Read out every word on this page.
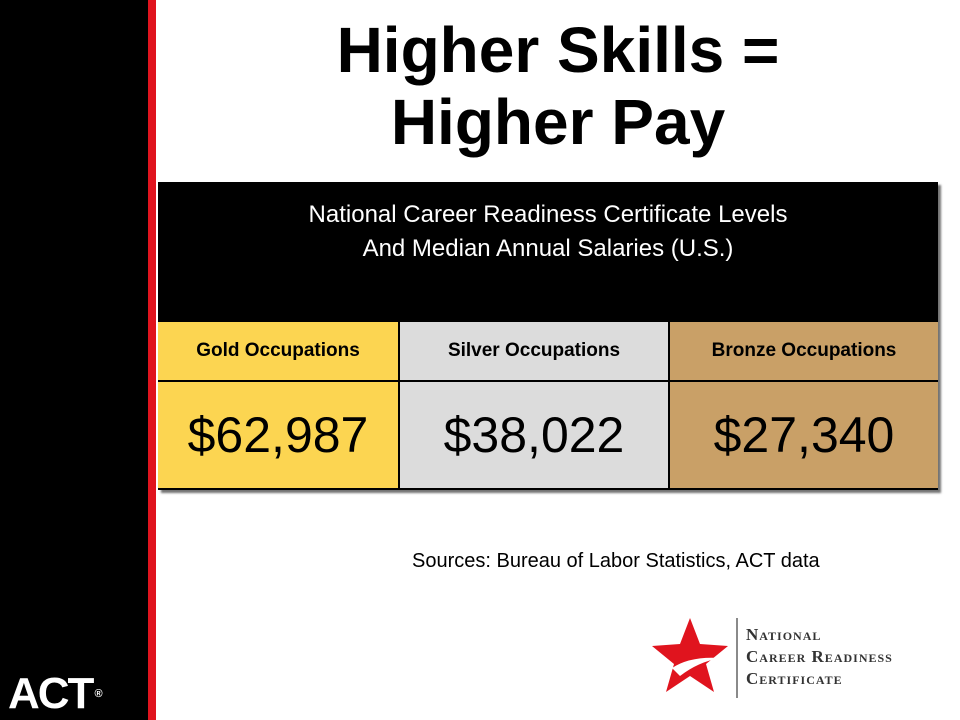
ACT ®
Higher Skills =
Higher Pay
National Career Readiness Certificate Levels
And Median Annual Salaries (U.S.)
Gold Occupations	Silver Occupations	Bronze Occupations
$62,987	$38,022	$27,340
Sources: Bureau of Labor Statistics, ACT data
National
Career Readiness
Certificate
